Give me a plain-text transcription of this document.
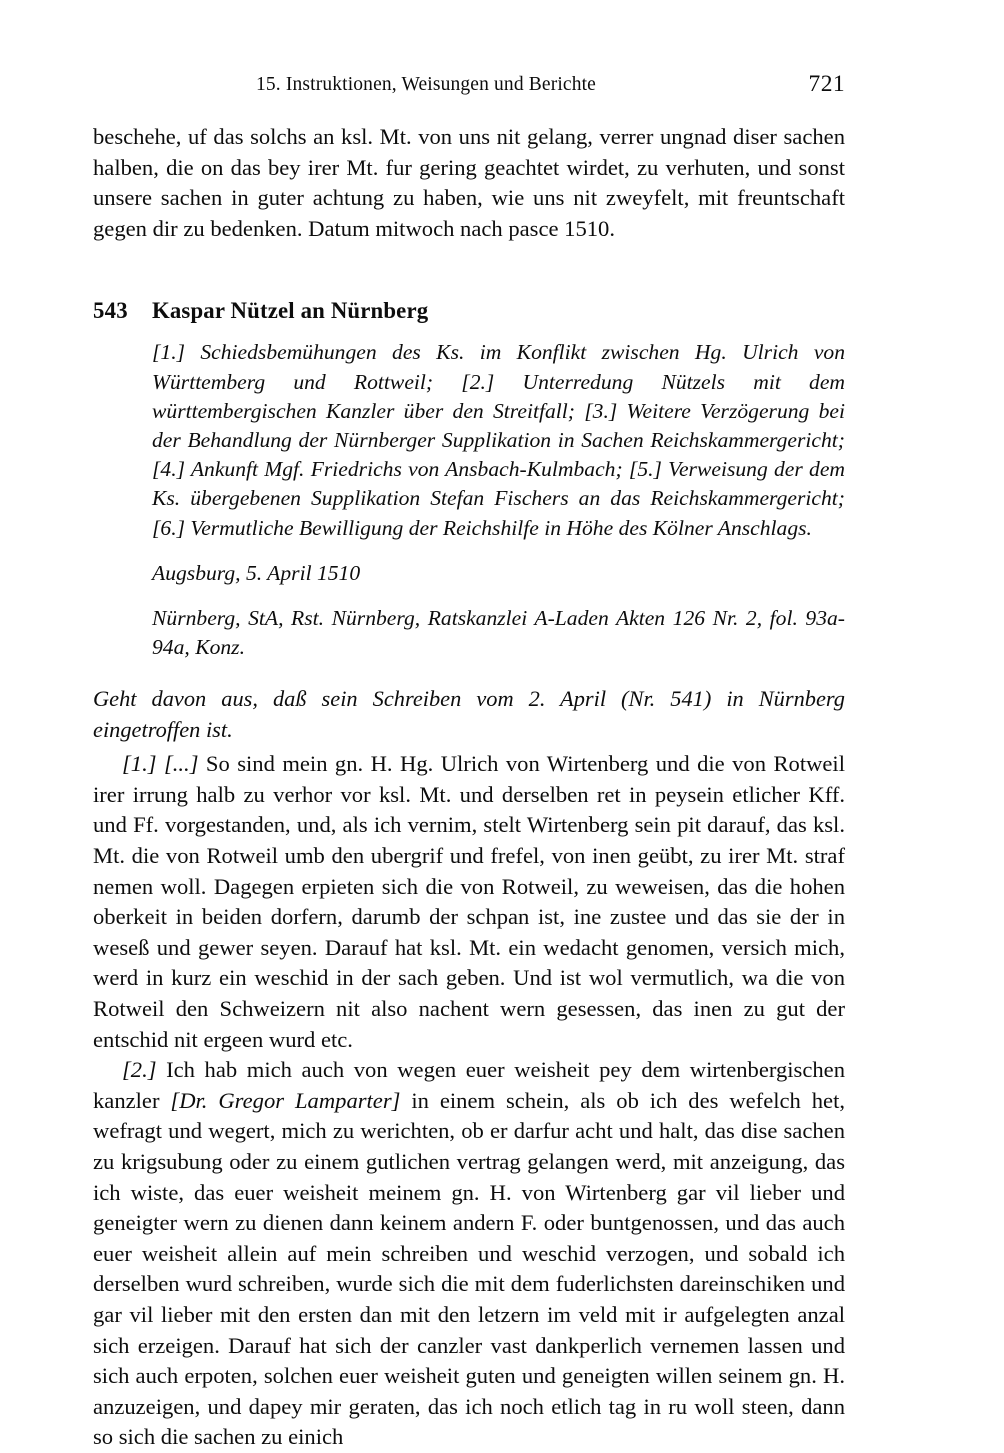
15. Instruktionen, Weisungen und Berichte	721

beschehe, uf das solchs an ksl. Mt. von uns nit gelang, verrer ungnad diser sachen halben, die on das bey irer Mt. fur gering geachtet wirdet, zu verhuten, und sonst unsere sachen in guter achtung zu haben, wie uns nit zweyfelt, mit freuntschaft gegen dir zu bedenken. Datum mitwoch nach pasce 1510.

543	Kaspar Nützel an Nürnberg

[1.] Schiedsbemühungen des Ks. im Konflikt zwischen Hg. Ulrich von Württemberg und Rottweil; [2.] Unterredung Nützels mit dem württembergischen Kanzler über den Streitfall; [3.] Weitere Verzögerung bei der Behandlung der Nürnberger Supplikation in Sachen Reichskammergericht; [4.] Ankunft Mgf. Friedrichs von Ansbach-Kulmbach; [5.] Verweisung der dem Ks. übergebenen Supplikation Stefan Fischers an das Reichskammergericht; [6.] Vermutliche Bewilligung der Reichshilfe in Höhe des Kölner Anschlags.

Augsburg, 5. April 1510

Nürnberg, StA, Rst. Nürnberg, Ratskanzlei A-Laden Akten 126 Nr. 2, fol. 93a-94a, Konz.

Geht davon aus, daß sein Schreiben vom 2. April (Nr. 541) in Nürnberg eingetroffen ist.

[1.] [...] So sind mein gn. H. Hg. Ulrich von Wirtenberg und die von Rotweil irer irrung halb zu verhor vor ksl. Mt. und derselben ret in peysein etlicher Kff. und Ff. vorgestanden, und, als ich vernim, stelt Wirtenberg sein pit darauf, das ksl. Mt. die von Rotweil umb den ubergrif und frefel, von inen geübt, zu irer Mt. straf nemen woll. Dagegen erpieten sich die von Rotweil, zu weweisen, das die hohen oberkeit in beiden dorfern, darumb der schpan ist, ine zustee und das sie der in weseß und gewer seyen. Darauf hat ksl. Mt. ein wedacht genomen, versich mich, werd in kurz ein weschid in der sach geben. Und ist wol vermutlich, wa die von Rotweil den Schweizern nit also nachent wern gesessen, das inen zu gut der entschid nit ergeen wurd etc.

[2.] Ich hab mich auch von wegen euer weisheit pey dem wirtenbergischen kanzler [Dr. Gregor Lamparter] in einem schein, als ob ich des wefelch het, wefragt und wegert, mich zu werichten, ob er darfur acht und halt, das dise sachen zu krigsubung oder zu einem gutlichen vertrag gelangen werd, mit anzeigung, das ich wiste, das euer weisheit meinem gn. H. von Wirtenberg gar vil lieber und geneigter wern zu dienen dann keinem andern F. oder buntgenossen, und das auch euer weisheit allein auf mein schreiben und weschid verzogen, und sobald ich derselben wurd schreiben, wurde sich die mit dem fuderlichsten dareinschiken und gar vil lieber mit den ersten dan mit den letzern im veld mit ir aufgelegten anzal sich erzeigen. Darauf hat sich der canzler vast dankperlich vernemen lassen und sich auch erpoten, solchen euer weisheit guten und geneigten willen seinem gn. H. anzuzeigen, und dapey mir geraten, das ich noch etlich tag in ru woll steen, dann so sich die sachen zu einich
